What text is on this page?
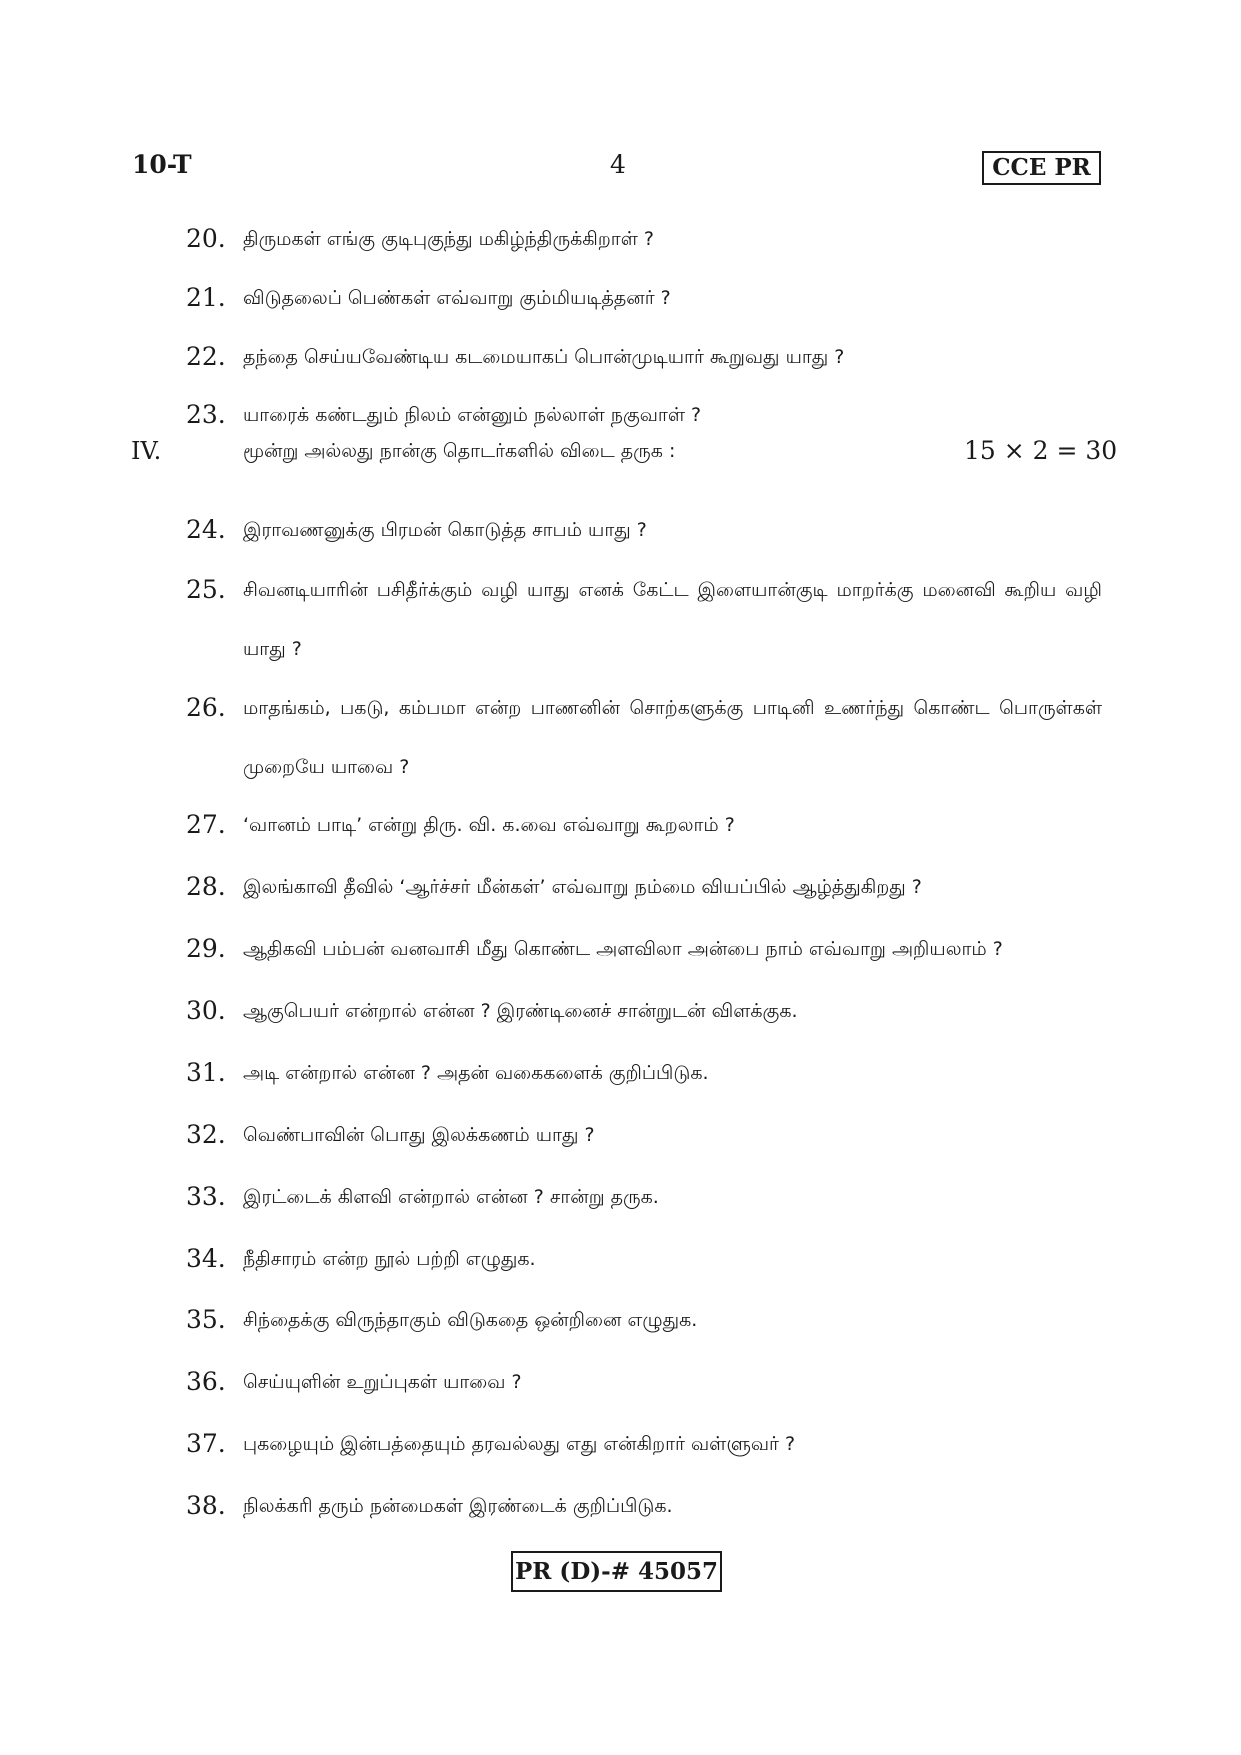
10-T	4	CCE PR
20. திருமகள் எங்கு குடிபுகுந்து மகிழ்ந்திருக்கிறாள் ?
21. விடுதலைப் பெண்கள் எவ்வாறு கும்மியடித்தனர் ?
22. தந்தை செய்யவேண்டிய கடமையாகப் பொன்முடியார் கூறுவது யாது ?
23. யாரைக் கண்டதும் நிலம் என்னும் நல்லாள் நகுவாள் ?
IV.	மூன்று அல்லது நான்கு தொடர்களில் விடை தருக :	15 × 2 = 30
24. இராவணனுக்கு பிரமன் கொடுத்த சாபம் யாது ?
25. சிவனடியாரின் பசிதீர்க்கும் வழி யாது எனக் கேட்ட இளையான்குடி மாறர்க்கு மனைவி கூறிய வழி யாது ?
26. மாதங்கம், பகடு, கம்பமா என்ற பாணனின் சொற்களுக்கு பாடினி உணர்ந்து கொண்ட பொருள்கள் முறையே யாவை ?
27. ‘வானம் பாடி’ என்று திரு. வி. க.வை எவ்வாறு கூறலாம் ?
28. இலங்காவி தீவில் ‘ஆர்ச்சர் மீன்கள்’ எவ்வாறு நம்மை வியப்பில் ஆழ்த்துகிறது ?
29. ஆதிகவி பம்பன் வனவாசி மீது கொண்ட அளவிலா அன்பை நாம் எவ்வாறு அறியலாம் ?
30. ஆகுபெயர் என்றால் என்ன ? இரண்டினைச் சான்றுடன் விளக்குக.
31. அடி என்றால் என்ன ? அதன் வகைகளைக் குறிப்பிடுக.
32. வெண்பாவின் பொது இலக்கணம் யாது ?
33. இரட்டைக் கிளவி என்றால் என்ன ? சான்று தருக.
34. நீதிசாரம் என்ற நூல் பற்றி எழுதுக.
35. சிந்தைக்கு விருந்தாகும் விடுகதை ஒன்றினை எழுதுக.
36. செய்யுளின் உறுப்புகள் யாவை ?
37. புகழையும் இன்பத்தையும் தரவல்லது எது என்கிறார் வள்ளுவர் ?
38. நிலக்கரி தரும் நன்மைகள் இரண்டைக் குறிப்பிடுக.
PR (D)-# 45057
